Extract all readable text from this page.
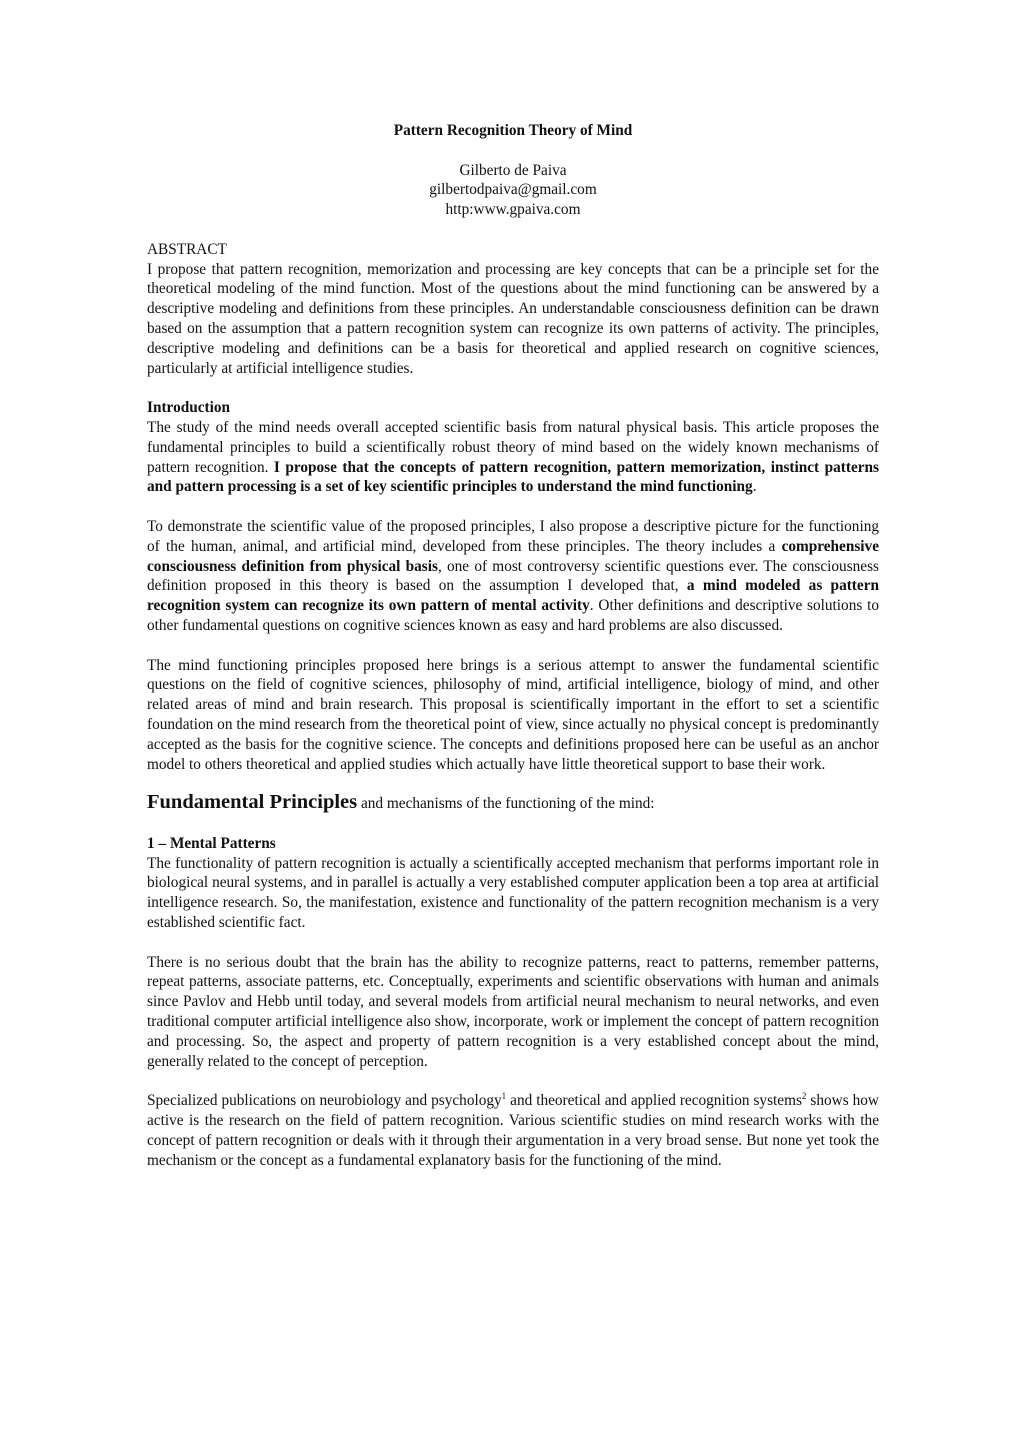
Pattern Recognition Theory of Mind
Gilberto de Paiva
gilbertodpaiva@gmail.com
http:www.gpaiva.com
ABSTRACT

I propose that pattern recognition, memorization and processing are key concepts that can be a principle set for the theoretical modeling of the mind function. Most of the questions about the mind functioning can be answered by a descriptive modeling and definitions from these principles. An understandable consciousness definition can be drawn based on the assumption that a pattern recognition system can recognize its own patterns of activity. The principles, descriptive modeling and definitions can be a basis for theoretical and applied research on cognitive sciences, particularly at artificial intelligence studies.

Introduction

The study of the mind needs overall accepted scientific basis from natural physical basis. This article proposes the fundamental principles to build a scientifically robust theory of mind based on the widely known mechanisms of pattern recognition. I propose that the concepts of pattern recognition, pattern memorization, instinct patterns and pattern processing is a set of key scientific principles to understand the mind functioning.

To demonstrate the scientific value of the proposed principles, I also propose a descriptive picture for the functioning of the human, animal, and artificial mind, developed from these principles. The theory includes a comprehensive consciousness definition from physical basis, one of most controversy scientific questions ever. The consciousness definition proposed in this theory is based on the assumption I developed that, a mind modeled as pattern recognition system can recognize its own pattern of mental activity. Other definitions and descriptive solutions to other fundamental questions on cognitive sciences known as easy and hard problems are also discussed.

The mind functioning principles proposed here brings is a serious attempt to answer the fundamental scientific questions on the field of cognitive sciences, philosophy of mind, artificial intelligence, biology of mind, and other related areas of mind and brain research. This proposal is scientifically important in the effort to set a scientific foundation on the mind research from the theoretical point of view, since actually no physical concept is predominantly accepted as the basis for the cognitive science. The concepts and definitions proposed here can be useful as an anchor model to others theoretical and applied studies which actually have little theoretical support to base their work.

Fundamental Principles and mechanisms of the functioning of the mind:
1 – Mental Patterns

The functionality of pattern recognition is actually a scientifically accepted mechanism that performs important role in biological neural systems, and in parallel is actually a very established computer application been a top area at artificial intelligence research. So, the manifestation, existence and functionality of the pattern recognition mechanism is a very established scientific fact.

There is no serious doubt that the brain has the ability to recognize patterns, react to patterns, remember patterns, repeat patterns, associate patterns, etc. Conceptually, experiments and scientific observations with human and animals since Pavlov and Hebb until today, and several models from artificial neural mechanism to neural networks, and even traditional computer artificial intelligence also show, incorporate, work or implement the concept of pattern recognition and processing. So, the aspect and property of pattern recognition is a very established concept about the mind, generally related to the concept of perception.

Specialized publications on neurobiology and psychology$^1$ and theoretical and applied recognition systems$^2$ shows how active is the research on the field of pattern recognition. Various scientific studies on mind research works with the concept of pattern recognition or deals with it through their argumentation in a very broad sense. But none yet took the mechanism or the concept as a fundamental explanatory basis for the functioning of the mind.
